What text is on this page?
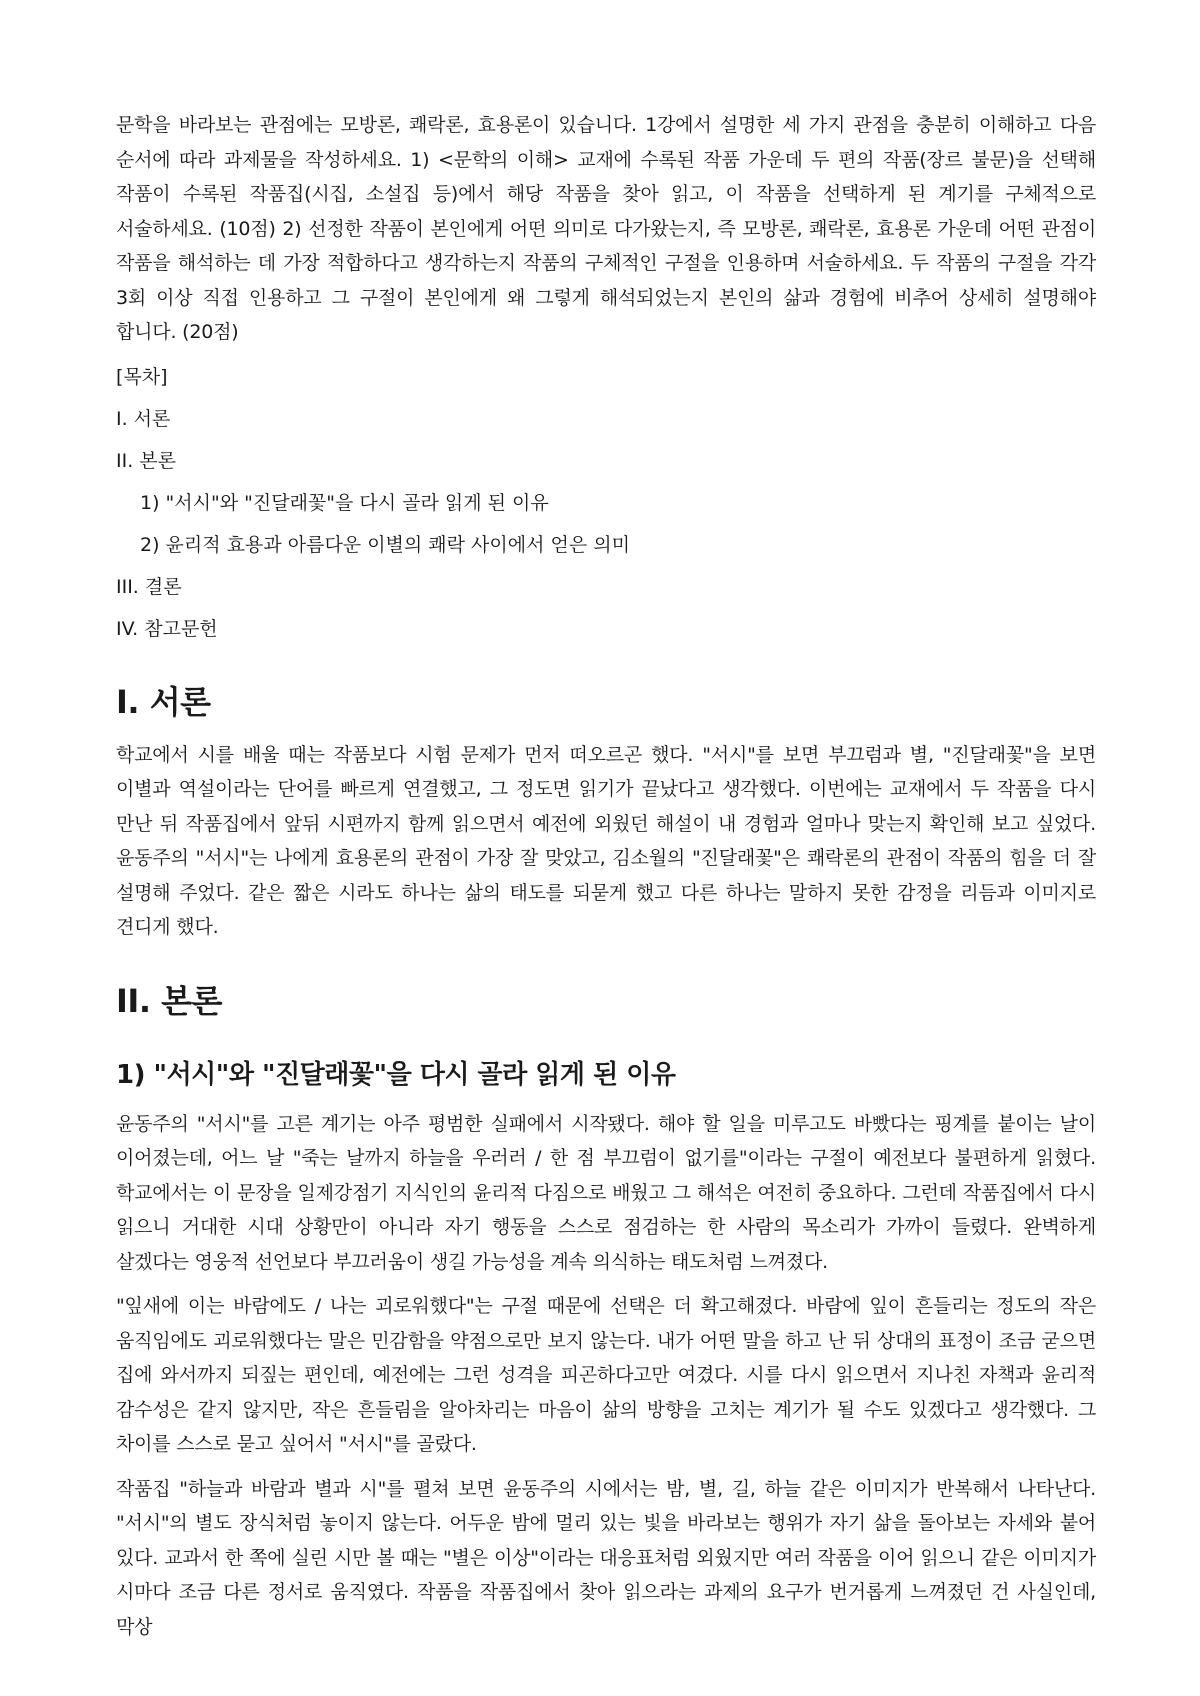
문학을 바라보는 관점에는 모방론, 쾌락론, 효용론이 있습니다. 1강에서 설명한 세 가지 관점을 충분히 이해하고 다음 순서에 따라 과제물을 작성하세요. 1) <문학의 이해> 교재에 수록된 작품 가운데 두 편의 작품(장르 불문)을 선택해 작품이 수록된 작품집(시집, 소설집 등)에서 해당 작품을 찾아 읽고, 이 작품을 선택하게 된 계기를 구체적으로 서술하세요. (10점) 2) 선정한 작품이 본인에게 어떤 의미로 다가왔는지, 즉 모방론, 쾌락론, 효용론 가운데 어떤 관점이 작품을 해석하는 데 가장 적합하다고 생각하는지 작품의 구체적인 구절을 인용하며 서술하세요. 두 작품의 구절을 각각 3회 이상 직접 인용하고 그 구절이 본인에게 왜 그렇게 해석되었는지 본인의 삶과 경험에 비추어 상세히 설명해야 합니다. (20점)

[목차]
I. 서론
II. 본론
1) "서시"와 "진달래꽃"을 다시 골라 읽게 된 이유
2) 윤리적 효용과 아름다운 이별의 쾌락 사이에서 얻은 의미
III. 결론
IV. 참고문헌
I. 서론

학교에서 시를 배울 때는 작품보다 시험 문제가 먼저 떠오르곤 했다. "서시"를 보면 부끄럼과 별, "진달래꽃"을 보면 이별과 역설이라는 단어를 빠르게 연결했고, 그 정도면 읽기가 끝났다고 생각했다. 이번에는 교재에서 두 작품을 다시 만난 뒤 작품집에서 앞뒤 시편까지 함께 읽으면서 예전에 외웠던 해설이 내 경험과 얼마나 맞는지 확인해 보고 싶었다. 윤동주의 "서시"는 나에게 효용론의 관점이 가장 잘 맞았고, 김소월의 "진달래꽃"은 쾌락론의 관점이 작품의 힘을 더 잘 설명해 주었다. 같은 짧은 시라도 하나는 삶의 태도를 되묻게 했고 다른 하나는 말하지 못한 감정을 리듬과 이미지로 견디게 했다.

II. 본론
1) "서시"와 "진달래꽃"을 다시 골라 읽게 된 이유

윤동주의 "서시"를 고른 계기는 아주 평범한 실패에서 시작됐다. 해야 할 일을 미루고도 바빴다는 핑계를 붙이는 날이 이어졌는데, 어느 날 "죽는 날까지 하늘을 우러러 / 한 점 부끄럼이 없기를"이라는 구절이 예전보다 불편하게 읽혔다. 학교에서는 이 문장을 일제강점기 지식인의 윤리적 다짐으로 배웠고 그 해석은 여전히 중요하다. 그런데 작품집에서 다시 읽으니 거대한 시대 상황만이 아니라 자기 행동을 스스로 점검하는 한 사람의 목소리가 가까이 들렸다. 완벽하게 살겠다는 영웅적 선언보다 부끄러움이 생길 가능성을 계속 의식하는 태도처럼 느껴졌다.

"잎새에 이는 바람에도 / 나는 괴로워했다"는 구절 때문에 선택은 더 확고해졌다. 바람에 잎이 흔들리는 정도의 작은 움직임에도 괴로워했다는 말은 민감함을 약점으로만 보지 않는다. 내가 어떤 말을 하고 난 뒤 상대의 표정이 조금 굳으면 집에 와서까지 되짚는 편인데, 예전에는 그런 성격을 피곤하다고만 여겼다. 시를 다시 읽으면서 지나친 자책과 윤리적 감수성은 같지 않지만, 작은 흔들림을 알아차리는 마음이 삶의 방향을 고치는 계기가 될 수도 있겠다고 생각했다. 그 차이를 스스로 묻고 싶어서 "서시"를 골랐다.

작품집 "하늘과 바람과 별과 시"를 펼쳐 보면 윤동주의 시에서는 밤, 별, 길, 하늘 같은 이미지가 반복해서 나타난다. "서시"의 별도 장식처럼 놓이지 않는다. 어두운 밤에 멀리 있는 빛을 바라보는 행위가 자기 삶을 돌아보는 자세와 붙어 있다. 교과서 한 쪽에 실린 시만 볼 때는 "별은 이상"이라는 대응표처럼 외웠지만 여러 작품을 이어 읽으니 같은 이미지가 시마다 조금 다른 정서로 움직였다. 작품을 작품집에서 찾아 읽으라는 과제의 요구가 번거롭게 느껴졌던 건 사실인데, 막상
